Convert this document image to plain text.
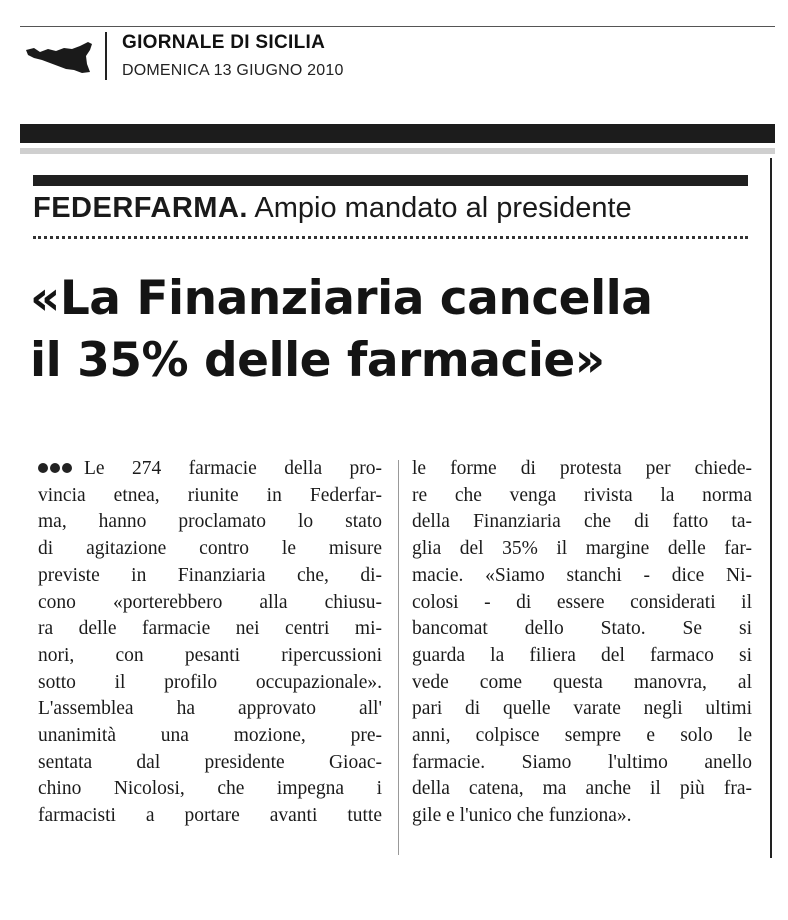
GIORNALE DI SICILIA
DOMENICA 13 GIUGNO 2010
FEDERFARMA. Ampio mandato al presidente
«La Finanziaria cancella
il 35% delle farmacie»
Le 274 farmacie della pro-
vincia etnea, riunite in Federfar-
ma, hanno proclamato lo stato
di agitazione contro le misure
previste in Finanziaria che, di-
cono «porterebbero alla chiusu-
ra delle farmacie nei centri mi-
nori, con pesanti ripercussioni
sotto il profilo occupazionale».
L'assemblea ha approvato all'
unanimità una mozione, pre-
sentata dal presidente Gioac-
chino Nicolosi, che impegna i
farmacisti a portare avanti tutte
le forme di protesta per chiede-
re che venga rivista la norma
della Finanziaria che di fatto ta-
glia del 35% il margine delle far-
macie. «Siamo stanchi - dice Ni-
colosi - di essere considerati il
bancomat dello Stato. Se si
guarda la filiera del farmaco si
vede come questa manovra, al
pari di quelle varate negli ultimi
anni, colpisce sempre e solo le
farmacie. Siamo l'ultimo anello
della catena, ma anche il più fra-
gile e l'unico che funziona».
